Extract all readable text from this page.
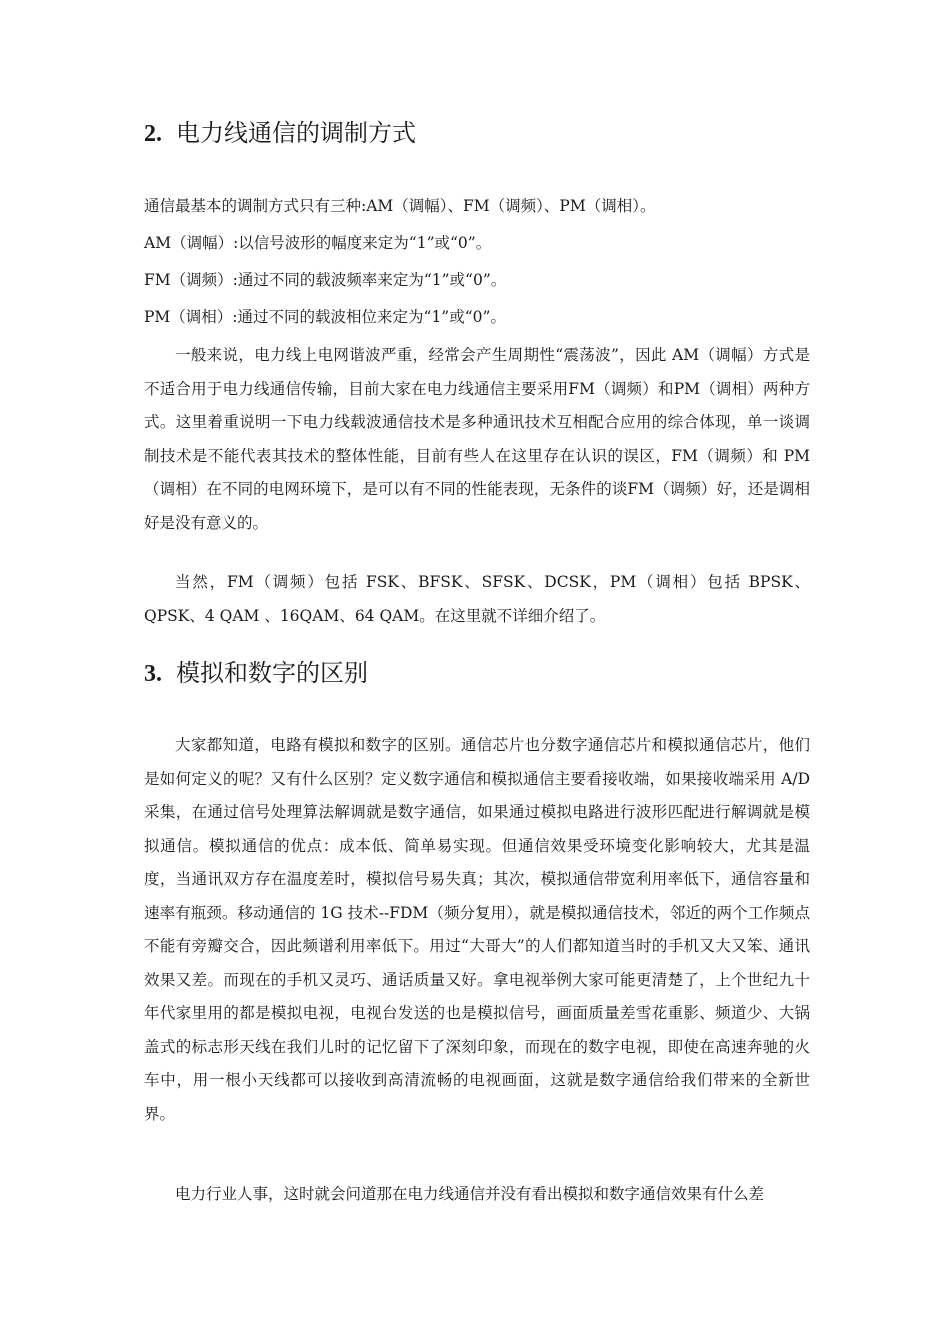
2. 电力线通信的调制方式

通信最基本的调制方式只有三种:AM（调幅）、FM（调频）、PM（调相）。

AM（调幅）:以信号波形的幅度来定为“1”或“0”。

FM（调频）:通过不同的载波频率来定为“1”或“0”。

PM（调相）:通过不同的载波相位来定为“1”或“0”。

一般来说，电力线上电网谐波严重，经常会产生周期性“震荡波”，因此 AM（调幅）方式是不适合用于电力线通信传输，目前大家在电力线通信主要采用FM（调频）和PM（调相）两种方式。这里着重说明一下电力线载波通信技术是多种通讯技术互相配合应用的综合体现，单一谈调制技术是不能代表其技术的整体性能，目前有些人在这里存在认识的误区，FM（调频）和 PM（调相）在不同的电网环境下，是可以有不同的性能表现，无条件的谈FM（调频）好，还是调相好是没有意义的。

当然，FM（调频）包括 FSK、BFSK、SFSK、DCSK，PM（调相）包括 BPSK、QPSK、4 QAM 、16QAM、64 QAM。在这里就不详细介绍了。

3. 模拟和数字的区别

大家都知道，电路有模拟和数字的区别。通信芯片也分数字通信芯片和模拟通信芯片，他们是如何定义的呢？又有什么区别？定义数字通信和模拟通信主要看接收端，如果接收端采用 A/D 采集，在通过信号处理算法解调就是数字通信，如果通过模拟电路进行波形匹配进行解调就是模拟通信。模拟通信的优点：成本低、简单易实现。但通信效果受环境变化影响较大，尤其是温度，当通讯双方存在温度差时，模拟信号易失真；其次，模拟通信带宽利用率低下，通信容量和速率有瓶颈。移动通信的 1G 技术--FDM（频分复用），就是模拟通信技术，邻近的两个工作频点不能有旁瓣交合，因此频谱利用率低下。用过“大哥大”的人们都知道当时的手机又大又笨、通讯效果又差。而现在的手机又灵巧、通话质量又好。拿电视举例大家可能更清楚了，上个世纪九十年代家里用的都是模拟电视，电视台发送的也是模拟信号，画面质量差雪花重影、频道少、大锅盖式的标志形天线在我们儿时的记忆留下了深刻印象，而现在的数字电视，即使在高速奔驰的火车中，用一根小天线都可以接收到高清流畅的电视画面，这就是数字通信给我们带来的全新世界。

电力行业人事，这时就会问道那在电力线通信并没有看出模拟和数字通信效果有什么差
